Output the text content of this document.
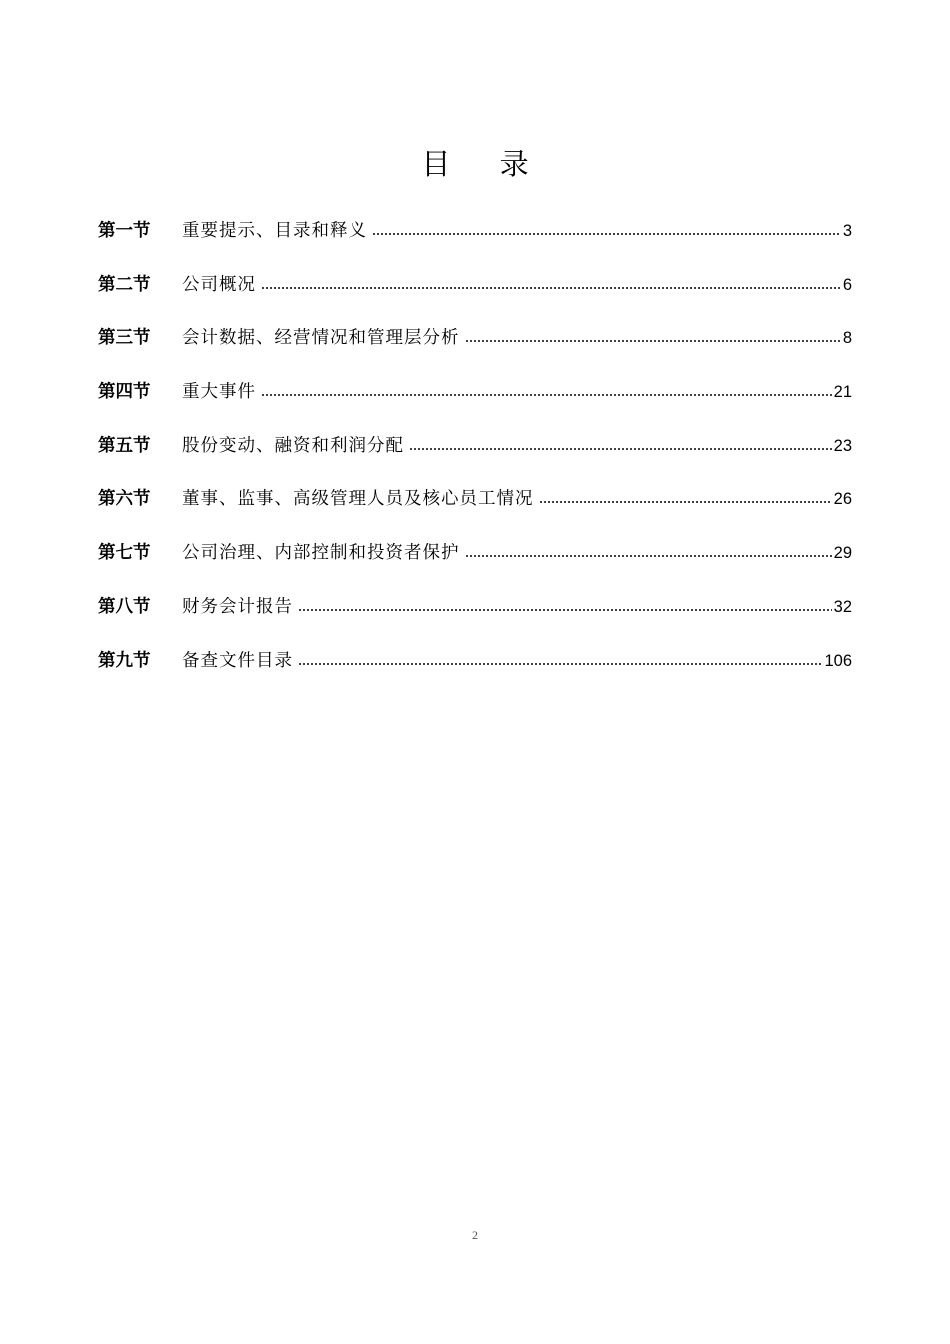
目 录
第一节	重要提示、目录和释义	3
第二节	公司概况	6
第三节	会计数据、经营情况和管理层分析	8
第四节	重大事件	21
第五节	股份变动、融资和利润分配	23
第六节	董事、监事、高级管理人员及核心员工情况	26
第七节	公司治理、内部控制和投资者保护	29
第八节	财务会计报告	32
第九节	备查文件目录	106
2
